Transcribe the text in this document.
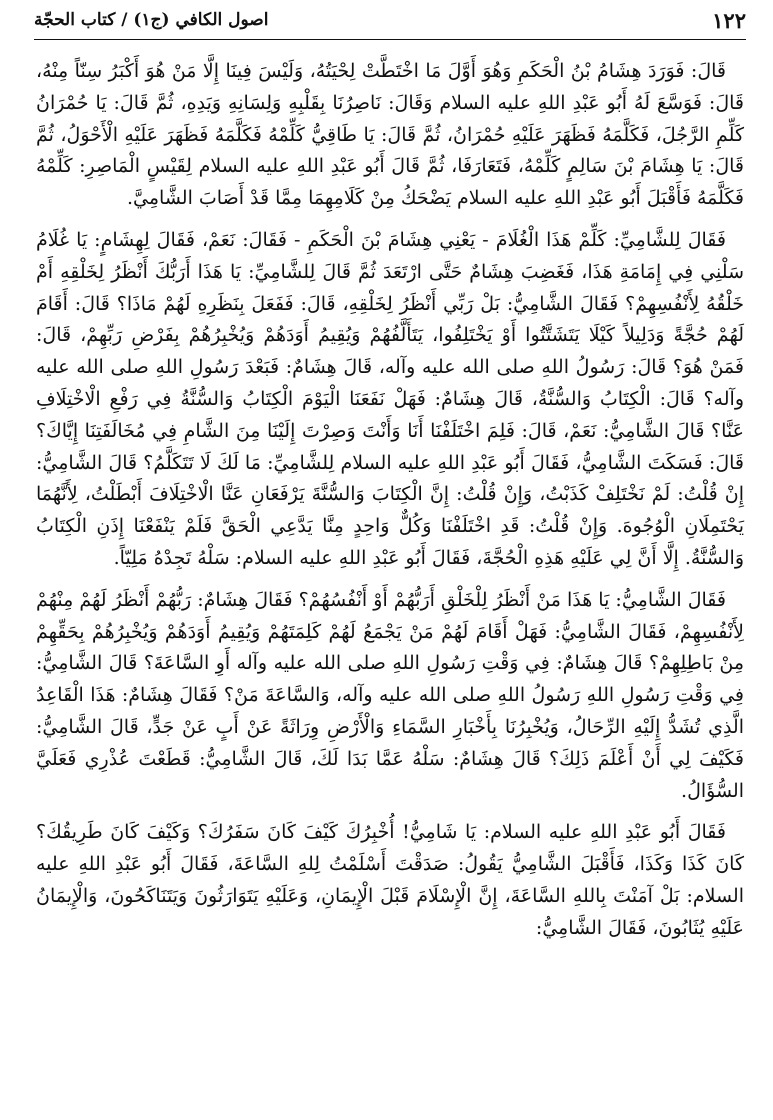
١٢٢
اصول الكافي (ج١) / كتاب الحجّة

قَالَ: فَوَرَدَ هِشَامُ بْنُ الْحَكَمِ وَهُوَ أَوَّلَ مَا اخْتَطَّتْ لِحْيَتُهُ، وَلَيْسَ فِينَا إِلَّا مَنْ هُوَ أَكْبَرُ سِنّاً مِنْهُ، قَالَ: فَوَسَّعَ لَهُ أَبُو عَبْدِ اللهِ عليه السلام وَقَالَ: نَاصِرُنَا بِقَلْبِهِ وَلِسَانِهِ وَيَدِهِ، ثُمَّ قَالَ: يَا حُمْرَانُ كَلِّمِ الرَّجُلَ، فَكَلَّمَهُ فَظَهَرَ عَلَيْهِ حُمْرَانُ، ثُمَّ قَالَ: يَا طَاقِيُّ كَلِّمْهُ فَكَلَّمَهُ فَظَهَرَ عَلَيْهِ الْأَحْوَلُ، ثُمَّ قَالَ: يَا هِشَامَ بْنَ سَالِمٍ كَلِّمْهُ، فَتَعَارَفَا، ثُمَّ قَالَ أَبُو عَبْدِ اللهِ عليه السلام لِقَيْسٍ الْمَاصِرِ: كَلِّمْهُ فَكَلَّمَهُ فَأَقْبَلَ أَبُو عَبْدِ اللهِ عليه السلام يَضْحَكُ مِنْ كَلَامِهِمَا مِمَّا قَدْ أَصَابَ الشَّامِيَّ.

فَقَالَ لِلشَّامِيِّ: كَلِّمْ هَذَا الْغُلَامَ - يَعْنِي هِشَامَ بْنَ الْحَكَمِ - فَقَالَ: نَعَمْ، فَقَالَ لِهِشَامٍ: يَا غُلَامُ سَلْنِي فِي إِمَامَةِ هَذَا، فَغَضِبَ هِشَامٌ حَتَّى ارْتَعَدَ ثُمَّ قَالَ لِلشَّامِيِّ: يَا هَذَا أَرَبُّكَ أَنْظَرُ لِخَلْقِهِ أَمْ خَلْقُهُ لِأَنْفُسِهِمْ؟ فَقَالَ الشَّامِيُّ: بَلْ رَبِّي أَنْظَرُ لِخَلْقِهِ، قَالَ: فَفَعَلَ بِنَظَرِهِ لَهُمْ مَاذَا؟ قَالَ: أَقَامَ لَهُمْ حُجَّةً وَدَلِيلاً كَيْلَا يَتَشَتَّتُوا أَوْ يَخْتَلِفُوا، يَتَأَلَّفُهُمْ وَيُقِيمُ أَوَدَهُمْ وَيُخْبِرُهُمْ بِفَرْضِ رَبِّهِمْ، قَالَ: فَمَنْ هُوَ؟ قَالَ: رَسُولُ اللهِ صلى الله عليه وآله، قَالَ هِشَامٌ: فَبَعْدَ رَسُولِ اللهِ صلى الله عليه وآله؟ قَالَ: الْكِتَابُ وَالسُّنَّةُ، قَالَ هِشَامٌ: فَهَلْ نَفَعَنَا الْيَوْمَ الْكِتَابُ وَالسُّنَّةُ فِي رَفْعِ الْاخْتِلَافِ عَنَّا؟ قَالَ الشَّامِيُّ: نَعَمْ، قَالَ: فَلِمَ اخْتَلَفْنَا أَنَا وَأَنْتَ وَصِرْتَ إِلَيْنَا مِنَ الشَّامِ فِي مُخَالَفَتِنَا إِيَّاكَ؟ قَالَ: فَسَكَتَ الشَّامِيُّ، فَقَالَ أَبُو عَبْدِ اللهِ عليه السلام لِلشَّامِيِّ: مَا لَكَ لَا تَتَكَلَّمُ؟ قَالَ الشَّامِيُّ: إِنْ قُلْتُ: لَمْ نَخْتَلِفْ كَذَبْتُ، وَإِنْ قُلْتُ: إِنَّ الْكِتَابَ وَالسُّنَّةَ يَرْفَعَانِ عَنَّا الْاخْتِلَافَ أَبْطَلْتُ، لِأَنَّهُمَا يَحْتَمِلَانِ الْوُجُوهَ. وَإِنْ قُلْتُ: قَدِ اخْتَلَفْنَا وَكُلٌّ وَاحِدٍ مِنَّا يَدَّعِي الْحَقَّ فَلَمْ يَنْفَعْنَا إِذَنِ الْكِتَابُ وَالسُّنَّةُ. إِلَّا أَنَّ لِي عَلَيْهِ هَذِهِ الْحُجَّةَ، فَقَالَ أَبُو عَبْدِ اللهِ عليه السلام: سَلْهُ تَجِدْهُ مَلِيّاً.

فَقَالَ الشَّامِيُّ: يَا هَذَا مَنْ أَنْظَرُ لِلْخَلْقِ أَرَبُّهُمْ أَوْ أَنْفُسُهُمْ؟ فَقَالَ هِشَامٌ: رَبُّهُمْ أَنْظَرُ لَهُمْ مِنْهُمْ لِأَنْفُسِهِمْ، فَقَالَ الشَّامِيُّ: فَهَلْ أَقَامَ لَهُمْ مَنْ يَجْمَعُ لَهُمْ كَلِمَتَهُمْ وَيُقِيمُ أَوَدَهُمْ وَيُخْبِرُهُمْ بِحَقِّهِمْ مِنْ بَاطِلِهِمْ؟ قَالَ هِشَامٌ: فِي وَقْتِ رَسُولِ اللهِ صلى الله عليه وآله أَوِ السَّاعَةَ؟ قَالَ الشَّامِيُّ: فِي وَقْتِ رَسُولِ اللهِ رَسُولُ اللهِ صلى الله عليه وآله، وَالسَّاعَةَ مَنْ؟ فَقَالَ هِشَامٌ: هَذَا الْقَاعِدُ الَّذِي تُشَدُّ إِلَيْهِ الرِّحَالُ، وَيُخْبِرُنَا بِأَخْبَارِ السَّمَاءِ وَالْأَرْضِ وِرَاثَةً عَنْ أَبٍ عَنْ جَدٍّ، قَالَ الشَّامِيُّ: فَكَيْفَ لِي أَنْ أَعْلَمَ ذَلِكَ؟ قَالَ هِشَامٌ: سَلْهُ عَمَّا بَدَا لَكَ، قَالَ الشَّامِيُّ: قَطَعْتَ عُذْرِي فَعَلَيَّ السُّؤَالُ.

فَقَالَ أَبُو عَبْدِ اللهِ عليه السلام: يَا شَامِيُّ! أُخْبِرُكَ كَيْفَ كَانَ سَفَرُكَ؟ وَكَيْفَ كَانَ طَرِيقُكَ؟ كَانَ كَذَا وَكَذَا، فَأَقْبَلَ الشَّامِيُّ يَقُولُ: صَدَقْتَ أَسْلَمْتُ لِلهِ السَّاعَةَ، فَقَالَ أَبُو عَبْدِ اللهِ عليه السلام: بَلْ آمَنْتَ بِاللهِ السَّاعَةَ، إِنَّ الْإِسْلَامَ قَبْلَ الْإِيمَانِ، وَعَلَيْهِ يَتَوَارَثُونَ وَيَتَنَاكَحُونَ، وَالْإِيمَانُ عَلَيْهِ يُثَابُونَ، فَقَالَ الشَّامِيُّ:
